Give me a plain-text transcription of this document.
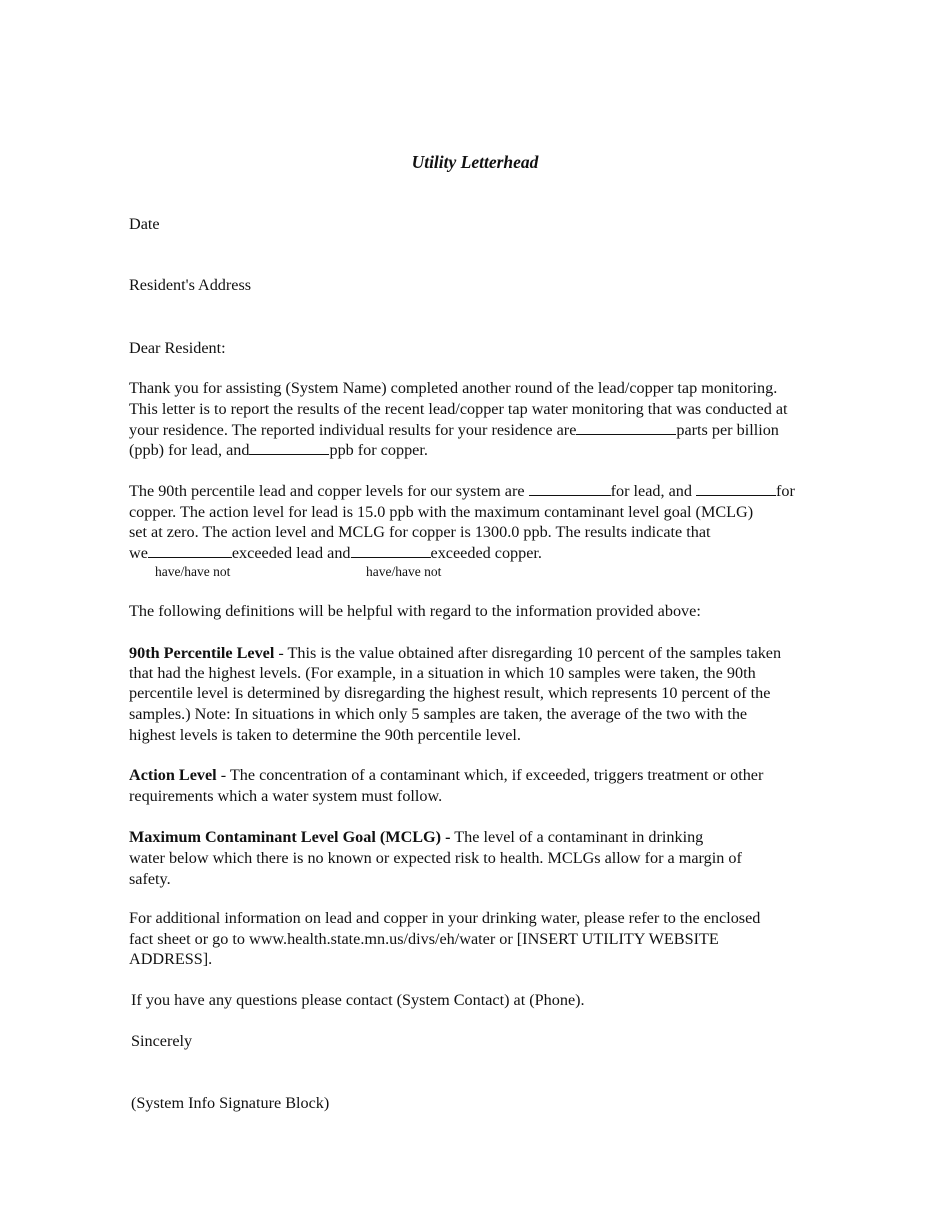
Utility Letterhead
Date
Resident's Address
Dear Resident:
Thank you for assisting (System Name) completed another round of the lead/copper tap monitoring.
This letter is to report the results of the recent lead/copper tap water monitoring that was conducted at
your residence. The reported individual results for your residence are	parts per billion
(ppb) for lead, and	ppb for copper.
The 90th percentile lead and copper levels for our system are	for lead, and	for
copper. The action level for lead is 15.0 ppb with the maximum contaminant level goal (MCLG)
set at zero. The action level and MCLG for copper is 1300.0 ppb. The results indicate that
we	exceeded lead and	exceeded copper.
have/have not	have/have not
The following definitions will be helpful with regard to the information provided above:
90th Percentile Level - This is the value obtained after disregarding 10 percent of the samples taken
that had the highest levels. (For example, in a situation in which 10 samples were taken, the 90th
percentile level is determined by disregarding the highest result, which represents 10 percent of the
samples.) Note: In situations in which only 5 samples are taken, the average of the two with the
highest levels is taken to determine the 90th percentile level.
Action Level - The concentration of a contaminant which, if exceeded, triggers treatment or other
requirements which a water system must follow.
Maximum Contaminant Level Goal (MCLG) - The level of a contaminant in drinking
water below which there is no known or expected risk to health. MCLGs allow for a margin of
safety.
For additional information on lead and copper in your drinking water, please refer to the enclosed
fact sheet or go to www.health.state.mn.us/divs/eh/water or [INSERT UTILITY WEBSITE
ADDRESS].
If you have any questions please contact (System Contact) at (Phone).
Sincerely
(System Info Signature Block)
